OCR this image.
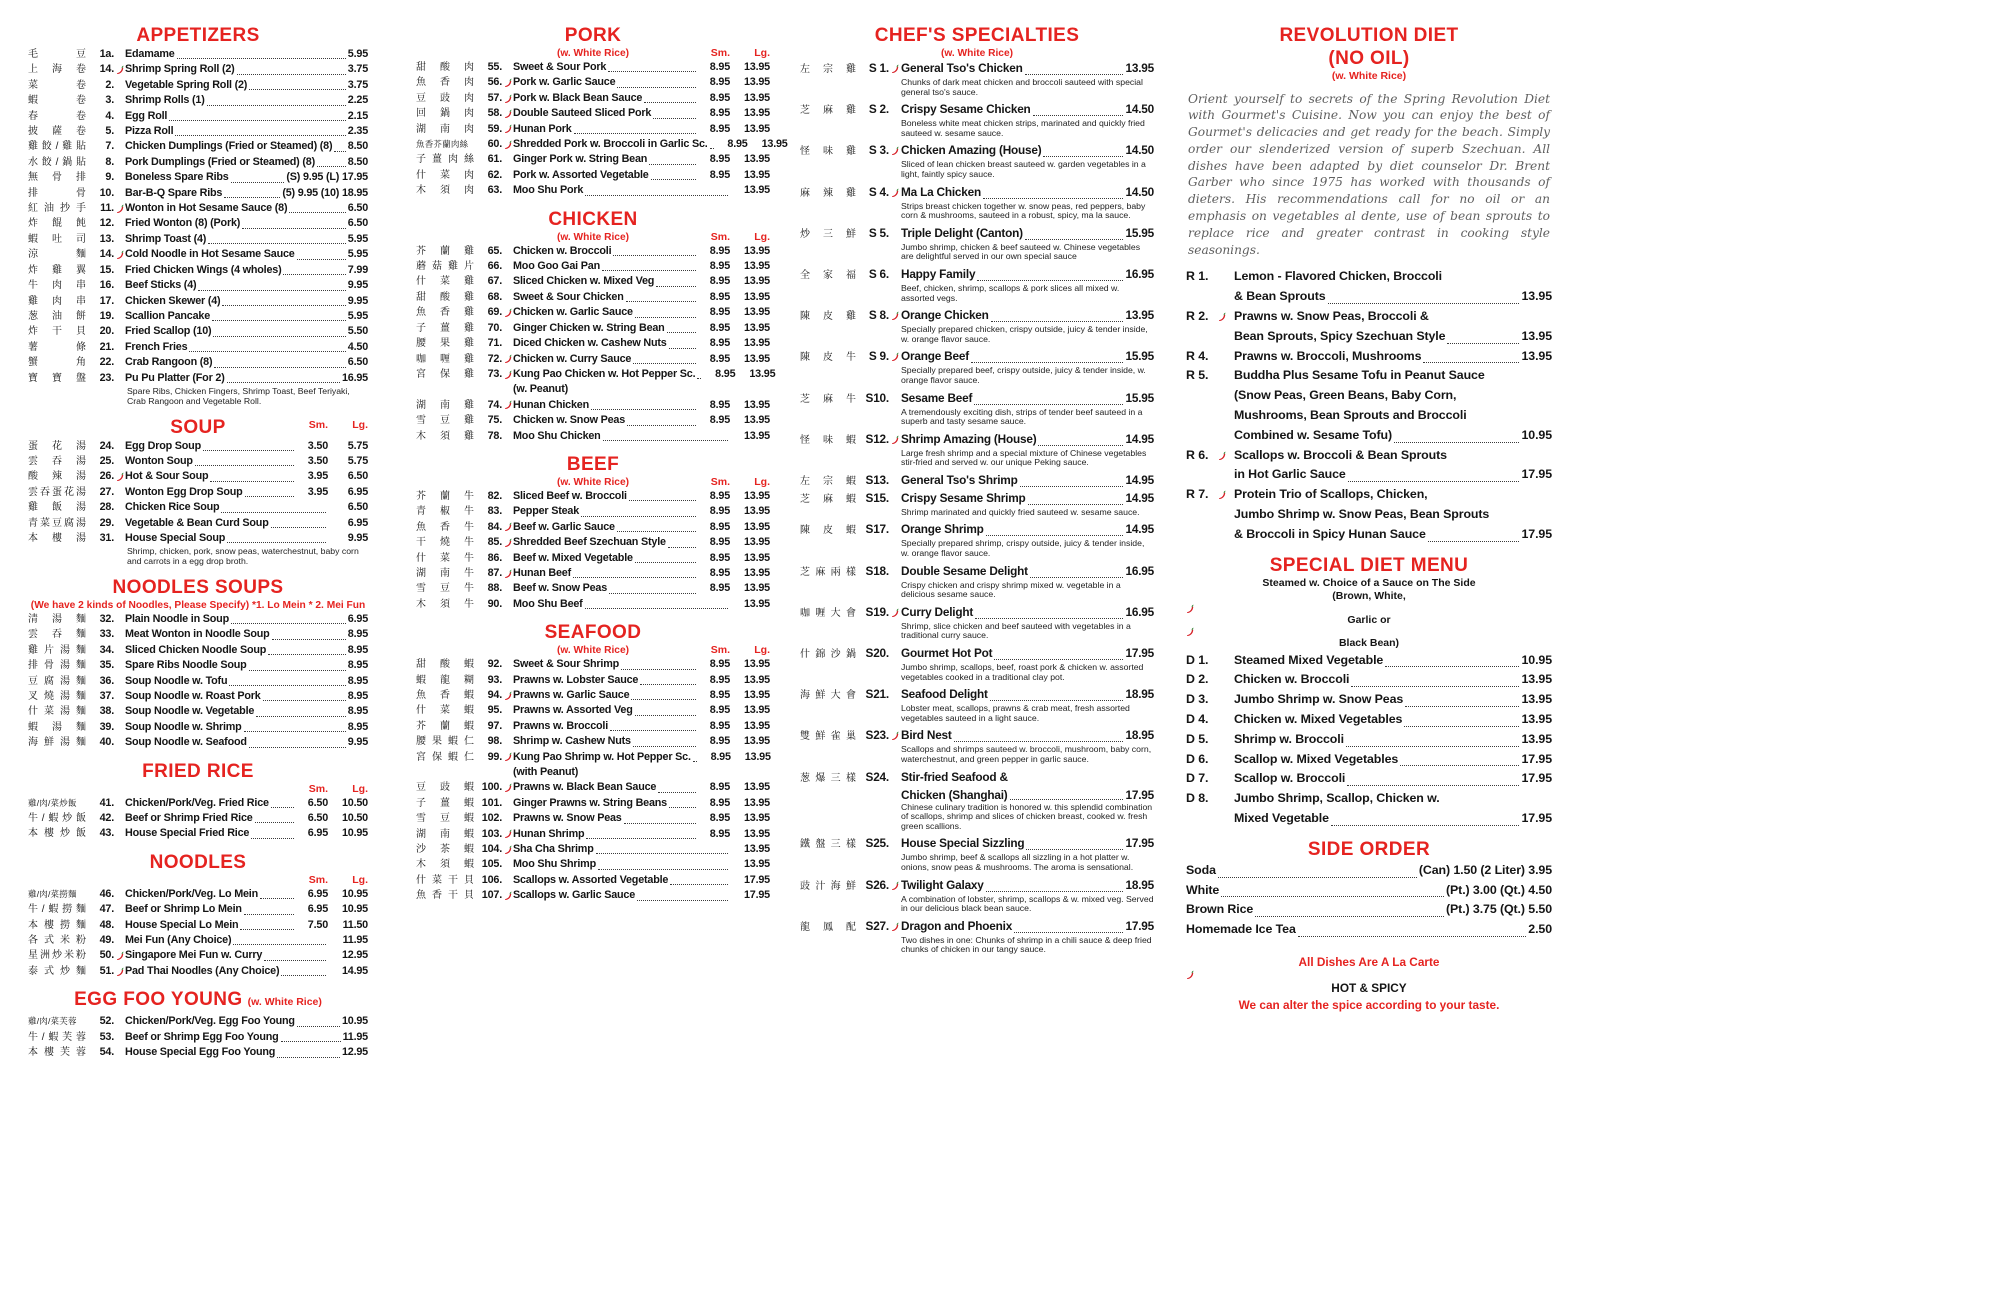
APPETIZERS
毛	豆	1a. Edamame	5.95
上 海 卷	14. Shrimp Spring Roll (2)	3.75
菜	卷	2. Vegetable Spring Roll (2)	3.75
蝦	卷	3. Shrimp Rolls (1)	2.25
春	卷	4. Egg Roll	2.15
披 薩 卷	5. Pizza Roll	2.35
雞 餃 / 雞 貼	7. Chicken Dumplings (Fried or Steamed) (8) 8.50
水 餃 / 鍋 貼	8. Pork Dumplings (Fried or Steamed) (8)	8.50
無 骨 排	9. Boneless Spare Ribs	(S) 9.95 (L) 17.95
排	骨	10. Bar-B-Q Spare Ribs	(5) 9.95 (10) 18.95
紅 油 抄 手	11. Wonton in Hot Sesame Sauce (8)	6.50
炸 餛 飩	12. Fried Wonton (8) (Pork)	6.50
蝦 吐 司	13. Shrimp Toast (4)	5.95
涼	麵	14. Cold Noodle in Hot Sesame Sauce	5.95
炸 雞 翼	15. Fried Chicken Wings (4 wholes)	7.99
牛 肉 串	16. Beef Sticks (4)	9.95
雞 肉 串	17. Chicken Skewer (4)	9.95
葱 油 餅	19. Scallion Pancake	5.95
炸 干 貝	20. Fried Scallop (10)	5.50
薯	條	21. French Fries	4.50
蟹	角	22. Crab Rangoon (8)	6.50
寶 寶 盤	23. Pu Pu Platter (For 2)	16.95
Spare Ribs, Chicken Fingers, Shrimp Toast, Beef Teriyaki, Crab Rangoon and Vegetable Roll.
SOUP	Sm.	Lg.
蛋 花 湯	24. Egg Drop Soup	3.50	5.75
雲 吞 湯	25. Wonton Soup	3.50	5.75
酸 辣 湯	26. Hot & Sour Soup	3.95	6.50
雲 吞 蛋 花 湯	27. Wonton Egg Drop Soup	3.95	6.95
雞 飯 湯	28. Chicken Rice Soup	6.50
青 菜 豆 腐 湯	29. Vegetable & Bean Curd Soup	6.95
本 樓 湯	31. House Special Soup	9.95
Shrimp, chicken, pork, snow peas, waterchestnut, baby corn and carrots in a egg drop broth.
NOODLES SOUPS
(We have 2 kinds of Noodles, Please Specify) *1. Lo Mein * 2. Mei Fun
清 湯 麵	32. Plain Noodle in Soup	6.95
雲 吞 麵	33. Meat Wonton in Noodle Soup	8.95
雞 片 湯 麵	34. Sliced Chicken Noodle Soup	8.95
排 骨 湯 麵	35. Spare Ribs Noodle Soup	8.95
豆 腐 湯 麵	36. Soup Noodle w. Tofu	8.95
叉 燒 湯 麵	37. Soup Noodle w. Roast Pork	8.95
什 菜 湯 麵	38. Soup Noodle w. Vegetable	8.95
蝦 湯 麵	39. Soup Noodle w. Shrimp	8.95
海 鮮 湯 麵	40. Soup Noodle w. Seafood	9.95
FRIED RICE

Sm.	Lg.
雞 / 肉 / 菜 炒 飯	41. Chicken/Pork/Veg. Fried Rice	6.50	10.50
牛 / 蝦 炒 飯	42. Beef or Shrimp Fried Rice	6.50	10.50
本 樓 炒 飯	43. House Special Fried Rice	6.95	10.95
NOODLES

Sm.	Lg.
雞 / 肉 / 菜 撈 麵	46. Chicken/Pork/Veg. Lo Mein	6.95	10.95
牛 / 蝦 撈 麵	47. Beef or Shrimp Lo Mein	6.95	10.95
本 樓 撈 麵	48. House Special Lo Mein	7.50	11.50
各 式 米 粉	49. Mei Fun (Any Choice)	11.95
星 洲 炒 米 粉	50. Singapore Mei Fun w. Curry	12.95
泰 式 炒 麵	51. Pad Thai Noodles (Any Choice)	14.95
EGG FOO YOUNG (w. White Rice)
雞 / 肉 / 菜 芙 蓉	52. Chicken/Pork/Veg. Egg Foo Young	10.95
牛 / 蝦 芙 蓉	53. Beef or Shrimp Egg Foo Young	11.95
本 樓 芙 蓉	54. House Special Egg Foo Young	12.95
PORK
(w. White Rice)	Sm.	Lg.
甜 酸 肉	55. Sweet & Sour Pork	8.95	13.95
魚 香 肉	56. Pork w. Garlic Sauce	8.95	13.95
豆 豉 肉	57. Pork w. Black Bean Sauce	8.95	13.95
回 鍋 肉	58. Double Sauteed Sliced Pork	8.95	13.95
湖 南 肉	59. Hunan Pork	8.95	13.95
魚 香 芥 蘭 肉 絲	60. Shredded Pork w. Broccoli in Garlic Sc.	8.95	13.95
子 薑 肉 絲	61. Ginger Pork w. String Bean	8.95	13.95
什 菜 肉	62. Pork w. Assorted Vegetable	8.95	13.95
木 須 肉	63. Moo Shu Pork	13.95
CHICKEN
(w. White Rice)	Sm.	Lg.
芥 蘭 雞	65. Chicken w. Broccoli	8.95	13.95
蘑 菇 雞 片	66. Moo Goo Gai Pan	8.95	13.95
什 菜 雞	67. Sliced Chicken w. Mixed Veg	8.95	13.95
甜 酸 雞	68. Sweet & Sour Chicken	8.95	13.95
魚 香 雞	69. Chicken w. Garlic Sauce	8.95	13.95
子 薑 雞	70. Ginger Chicken w. String Bean	8.95	13.95
腰 果 雞	71. Diced Chicken w. Cashew Nuts	8.95	13.95
咖 喱 雞	72. Chicken w. Curry Sauce	8.95	13.95
宮 保 雞	73. Kung Pao Chicken w. Hot Pepper Sc.	8.95	13.95
(w. Peanut)
湖 南 雞	74. Hunan Chicken	8.95	13.95
雪 豆 雞	75. Chicken w. Snow Peas	8.95	13.95
木 須 雞	78. Moo Shu Chicken	13.95
BEEF
(w. White Rice)	Sm.	Lg.
芥 蘭 牛	82. Sliced Beef w. Broccoli	8.95	13.95
青 椒 牛	83. Pepper Steak	8.95	13.95
魚 香 牛	84. Beef w. Garlic Sauce	8.95	13.95
干 燒 牛	85. Shredded Beef Szechuan Style	8.95	13.95
什 菜 牛	86. Beef w. Mixed Vegetable	8.95	13.95
湖 南 牛	87. Hunan Beef	8.95	13.95
雪 豆 牛	88. Beef w. Snow Peas	8.95	13.95
木 須 牛	90. Moo Shu Beef	13.95
SEAFOOD
(w. White Rice)	Sm.	Lg.
甜 酸 蝦	92. Sweet & Sour Shrimp	8.95	13.95
蝦 龍 糊	93. Prawns w. Lobster Sauce	8.95	13.95
魚 香 蝦	94. Prawns w. Garlic Sauce	8.95	13.95
什 菜 蝦	95. Prawns w. Assorted Veg	8.95	13.95
芥 蘭 蝦	97. Prawns w. Broccoli	8.95	13.95
腰 果 蝦 仁	98. Shrimp w. Cashew Nuts	8.95	13.95
宮 保 蝦 仁	99. Kung Pao Shrimp w. Hot Pepper Sc.	8.95	13.95
(with Peanut)
豆 豉 蝦 100. Prawns w. Black Bean Sauce	8.95	13.95
子 薑 蝦 101. Ginger Prawns w. String Beans	8.95	13.95
雪 豆 蝦 102. Prawns w. Snow Peas	8.95	13.95
湖 南 蝦 103. Hunan Shrimp	8.95	13.95
沙 茶 蝦 104. Sha Cha Shrimp	13.95
木 須 蝦 105. Moo Shu Shrimp	13.95
什 菜 干 貝 106. Scallops w. Assorted Vegetable	17.95
魚 香 干 貝 107. Scallops w. Garlic Sauce	17.95
CHEF'S SPECIALTIES
(w. White Rice)
左 宗 雞	S 1. General Tso's Chicken	13.95
Chunks of dark meat chicken and broccoli sauteed with special general tso's sauce.
芝 麻 雞	S 2. Crispy Sesame Chicken	14.50
Boneless white meat chicken strips, marinated and quickly fried sauteed w. sesame sauce.
怪 味 雞	S 3. Chicken Amazing (House)	14.50
Sliced of lean chicken breast sauteed w. garden vegetables in a light, faintly spicy sauce.
麻 辣 雞	S 4. Ma La Chicken	14.50
Strips breast chicken together w. snow peas, red peppers, baby corn & mushrooms, sauteed in a robust, spicy, ma la sauce.
炒 三 鮮	S 5. Triple Delight (Canton)	15.95
Jumbo shrimp, chicken & beef sauteed w. Chinese vegetables are delightful served in our own special sauce
全 家 福	S 6. Happy Family	16.95
Beef, chicken, shrimp, scallops & pork slices all mixed w. assorted vegs.
陳 皮 雞	S 8. Orange Chicken	13.95
Specially prepared chicken, crispy outside, juicy & tender inside, w. orange flavor sauce.
陳 皮 牛	S 9. Orange Beef	15.95
Specially prepared beef, crispy outside, juicy & tender inside, w. orange flavor sauce.
芝 麻 牛 S10. Sesame Beef	15.95
A tremendously exciting dish, strips of tender beef sauteed in a superb and tasty sesame sauce.
怪 味 蝦 S12. Shrimp Amazing (House)	14.95
Large fresh shrimp and a special mixture of Chinese vegetables stir-fried and served w. our unique Peking sauce.
左 宗 蝦 S13. General Tso's Shrimp	14.95
芝 麻 蝦 S15. Crispy Sesame Shrimp	14.95
Shrimp marinated and quickly fried sauteed w. sesame sauce.
陳 皮 蝦 S17. Orange Shrimp	14.95
Specially prepared shrimp, crispy outside, juicy & tender inside, w. orange flavor sauce.
芝 麻 兩 樣 S18. Double Sesame Delight	16.95
Crispy chicken and crispy shrimp mixed w. vegetable in a delicious sesame sauce.
咖 喱 大 會 S19. Curry Delight	16.95
Shrimp, slice chicken and beef sauteed with vegetables in a traditional curry sauce.
什 錦 沙 鍋 S20. Gourmet Hot Pot	17.95
Jumbo shrimp, scallops, beef, roast pork & chicken w. assorted vegetables cooked in a traditional clay pot.
海 鮮 大 會 S21. Seafood Delight	18.95
Lobster meat, scallops, prawns & crab meat, fresh assorted vegetables sauteed in a light sauce.
雙 鮮 雀 巢 S23. Bird Nest	18.95
Scallops and shrimps sauteed w. broccoli, mushroom, baby corn, waterchestnut, and green pepper in garlic sauce.
葱 爆 三 樣 S24. Stir-fried Seafood &
Chicken (Shanghai)	17.95
Chinese culinary tradition is honored w. this splendid combination of scallops, shrimp and slices of chicken breast, cooked w. fresh green scallions.
鐵 盤 三 樣 S25. House Special Sizzling	17.95
Jumbo shrimp, beef & scallops all sizzling in a hot platter w. onions, snow peas & mushrooms. The aroma is sensational.
豉 汁 海 鮮 S26. Twilight Galaxy	18.95
A combination of lobster, shrimp, scallops & w. mixed veg. Served in our delicious black bean sauce.
龍 鳳 配 S27. Dragon and Phoenix	17.95
Two dishes in one: Chunks of shrimp in a chili sauce & deep fried chunks of chicken in our tangy sauce.
REVOLUTION DIET
(NO OIL)
(w. White Rice)

Orient yourself to secrets of the Spring Revolution Diet with Gourmet's Cuisine. Now you can enjoy the best of Gourmet's delicacies and get ready for the beach. Simply order our slenderized version of superb Szechuan. All dishes have been adapted by diet counselor Dr. Brent Garber who since 1975 has worked with thousands of dieters. His recommendations call for no oil or an emphasis on vegetables al dente, use of bean sprouts to replace rice and greater contrast in cooking style seasonings.

R 1.	Lemon - Flavored Chicken, Broccoli
& Bean Sprouts	13.95
R 2.	Prawns w. Snow Peas, Broccoli &
Bean Sprouts, Spicy Szechuan Style	13.95
R 4.	Prawns w. Broccoli, Mushrooms	13.95
R 5.	Buddha Plus Sesame Tofu in Peanut Sauce
(Snow Peas, Green Beans, Baby Corn,
Mushrooms, Bean Sprouts and Broccoli
Combined w. Sesame Tofu)	10.95
R 6.	Scallops w. Broccoli & Bean Sprouts
in Hot Garlic Sauce	17.95
R 7.	Protein Trio of Scallops, Chicken,
Jumbo Shrimp w. Snow Peas, Bean Sprouts
& Broccoli in Spicy Hunan Sauce	17.95
SPECIAL DIET MENU
Steamed w. Choice of a Sauce on The Side
(Brown, White,
Garlic or
Black Bean)
D 1.	Steamed Mixed Vegetable	10.95
D 2.	Chicken w. Broccoli	13.95
D 3.	Jumbo Shrimp w. Snow Peas	13.95
D 4.	Chicken w. Mixed Vegetables	13.95
D 5.	Shrimp w. Broccoli	13.95
D 6.	Scallop w. Mixed Vegetables	17.95
D 7.	Scallop w. Broccoli	17.95
D 8.	Jumbo Shrimp, Scallop, Chicken w.
Mixed Vegetable	17.95
SIDE ORDER
Soda	(Can) 1.50 (2 Liter) 3.95
White	(Pt.) 3.00 (Qt.) 4.50
Brown Rice	(Pt.) 3.75 (Qt.) 5.50
Homemade Ice Tea	2.50
All Dishes Are A La Carte
HOT & SPICY
We can alter the spice according to your taste.
